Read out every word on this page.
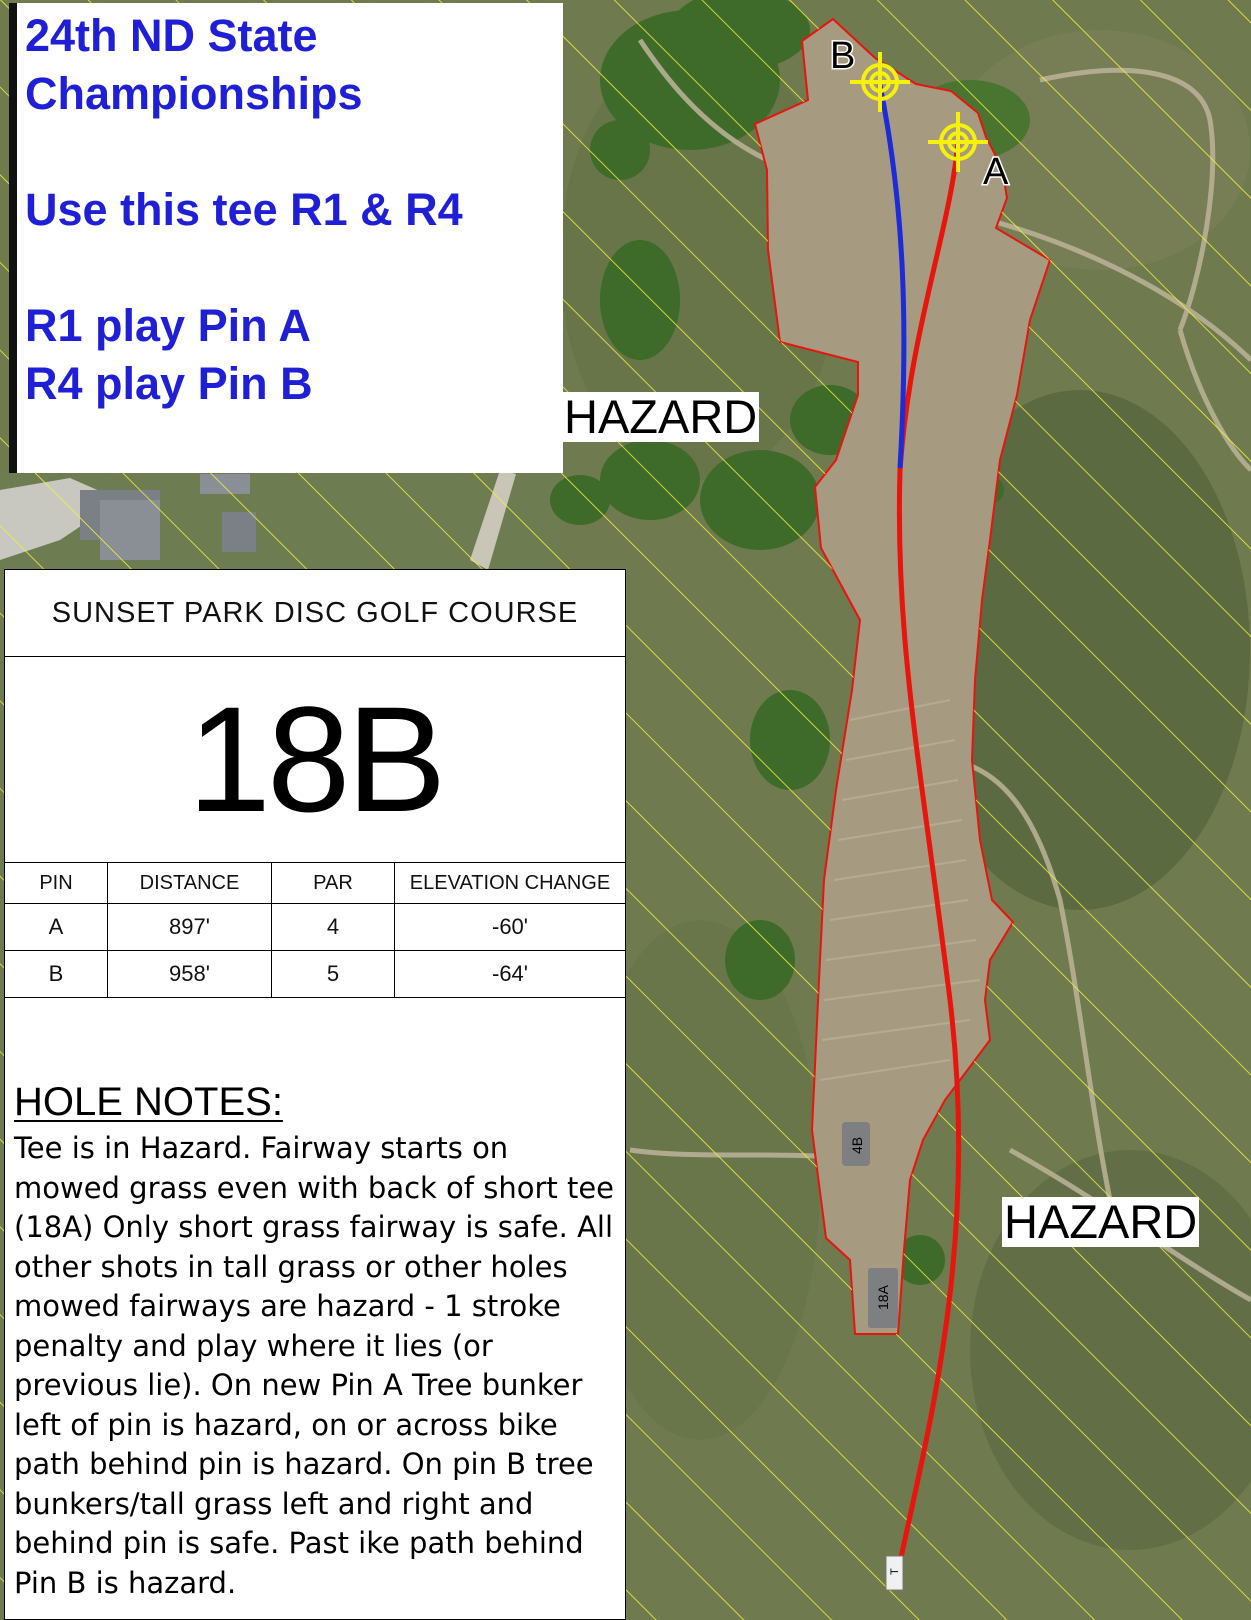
B
A
4B
18A
T
24th ND State
Championships
Use this tee R1 & R4
R1 play Pin A
R4 play Pin B
HAZARD
HAZARD
SUNSET PARK DISC GOLF COURSE
18B
PIN	DISTANCE	PAR	ELEVATION CHANGE
A	897'	4	-60'
B	958'	5	-64'
HOLE NOTES:
Tee is in Hazard. Fairway starts on mowed grass even with back of short tee (18A) Only short grass fairway is safe. All other shots in tall grass or other holes mowed fairways are hazard - 1 stroke penalty and play where it lies (or previous lie). On new Pin A Tree bunker left of pin is hazard, on or across bike path behind pin is hazard. On pin B tree bunkers/tall grass left and right and behind pin is safe. Past ike path behind Pin B is hazard.
